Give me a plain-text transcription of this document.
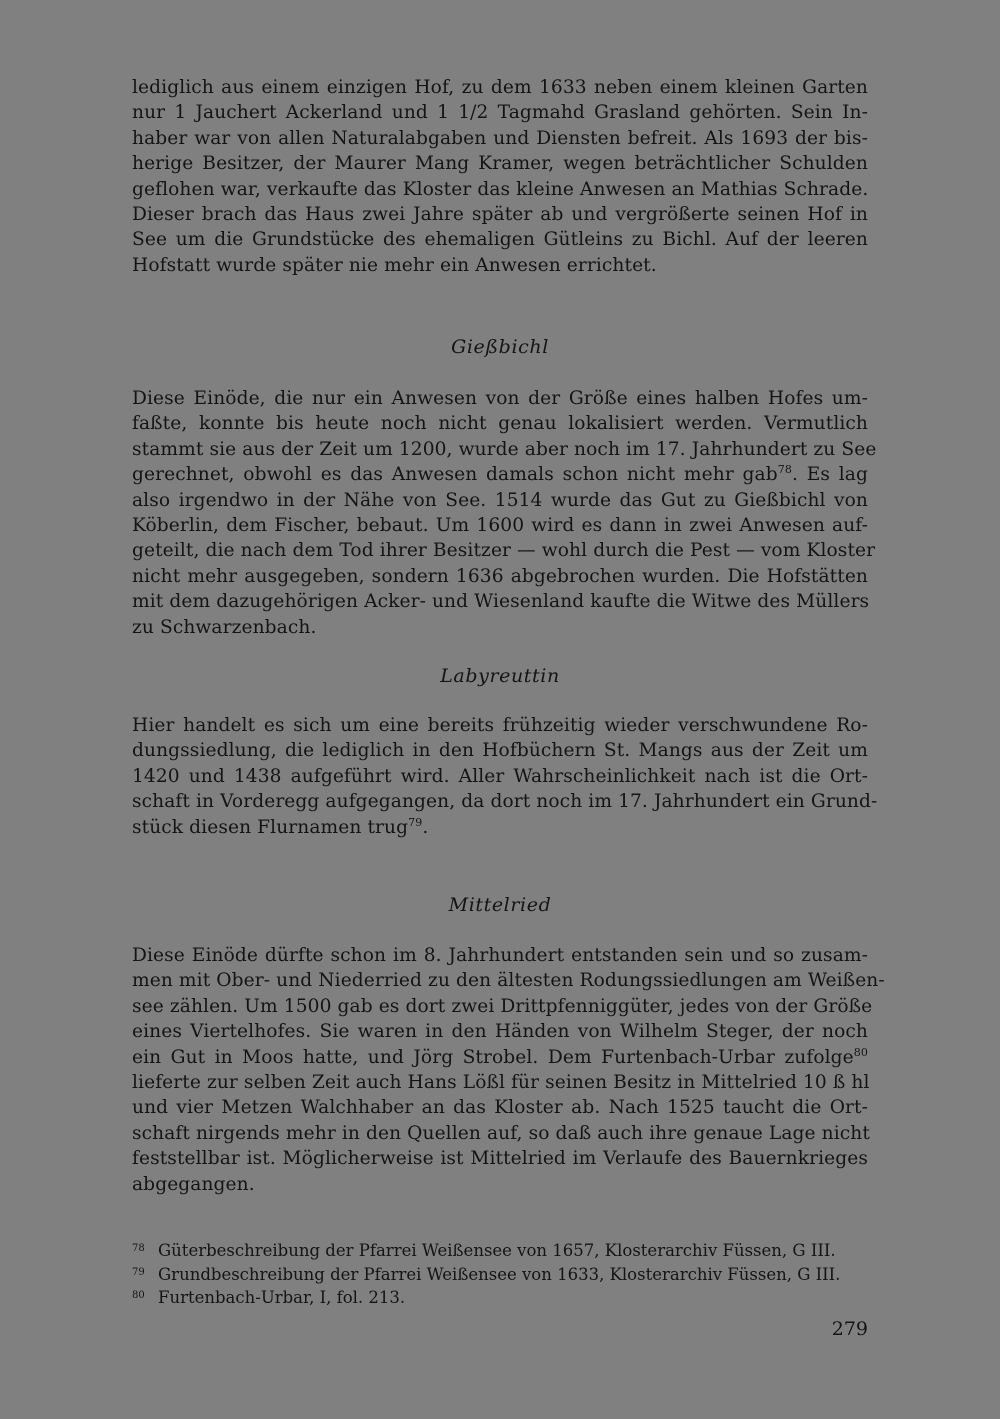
lediglich aus einem einzigen Hof, zu dem 1633 neben einem kleinen Garten
nur 1 Jauchert Ackerland und 1 1/2 Tagmahd Grasland gehörten. Sein In-
haber war von allen Naturalabgaben und Diensten befreit. Als 1693 der bis-
herige Besitzer, der Maurer Mang Kramer, wegen beträchtlicher Schulden
geflohen war, verkaufte das Kloster das kleine Anwesen an Mathias Schrade.
Dieser brach das Haus zwei Jahre später ab und vergrößerte seinen Hof in
See um die Grundstücke des ehemaligen Gütleins zu Bichl. Auf der leeren
Hofstatt wurde später nie mehr ein Anwesen errichtet.
Gießbichl
Diese Einöde, die nur ein Anwesen von der Größe eines halben Hofes um-
faßte, konnte bis heute noch nicht genau lokalisiert werden. Vermutlich
stammt sie aus der Zeit um 1200, wurde aber noch im 17. Jahrhundert zu See
gerechnet, obwohl es das Anwesen damals schon nicht mehr gab$^{78}$. Es lag
also irgendwo in der Nähe von See. 1514 wurde das Gut zu Gießbichl von
Köberlin, dem Fischer, bebaut. Um 1600 wird es dann in zwei Anwesen auf-
geteilt, die nach dem Tod ihrer Besitzer — wohl durch die Pest — vom Kloster
nicht mehr ausgegeben, sondern 1636 abgebrochen wurden. Die Hofstätten
mit dem dazugehörigen Acker- und Wiesenland kaufte die Witwe des Müllers
zu Schwarzenbach.
Labyreuttin
Hier handelt es sich um eine bereits frühzeitig wieder verschwundene Ro-
dungssiedlung, die lediglich in den Hofbüchern St. Mangs aus der Zeit um
1420 und 1438 aufgeführt wird. Aller Wahrscheinlichkeit nach ist die Ort-
schaft in Vorderegg aufgegangen, da dort noch im 17. Jahrhundert ein Grund-
stück diesen Flurnamen trug$^{79}$.
Mittelried
Diese Einöde dürfte schon im 8. Jahrhundert entstanden sein und so zusam-
men mit Ober- und Niederried zu den ältesten Rodungssiedlungen am Weißen-
see zählen. Um 1500 gab es dort zwei Drittpfenniggüter, jedes von der Größe
eines Viertelhofes. Sie waren in den Händen von Wilhelm Steger, der noch
ein Gut in Moos hatte, und Jörg Strobel. Dem Furtenbach-Urbar zufolge$^{80}$
lieferte zur selben Zeit auch Hans Lößl für seinen Besitz in Mittelried 10 ß hl
und vier Metzen Walchhaber an das Kloster ab. Nach 1525 taucht die Ort-
schaft nirgends mehr in den Quellen auf, so daß auch ihre genaue Lage nicht
feststellbar ist. Möglicherweise ist Mittelried im Verlaufe des Bauernkrieges
abgegangen.
78 Güterbeschreibung der Pfarrei Weißensee von 1657, Klosterarchiv Füssen, G III.
79 Grundbeschreibung der Pfarrei Weißensee von 1633, Klosterarchiv Füssen, G III.
80 Furtenbach-Urbar, I, fol. 213.
279
